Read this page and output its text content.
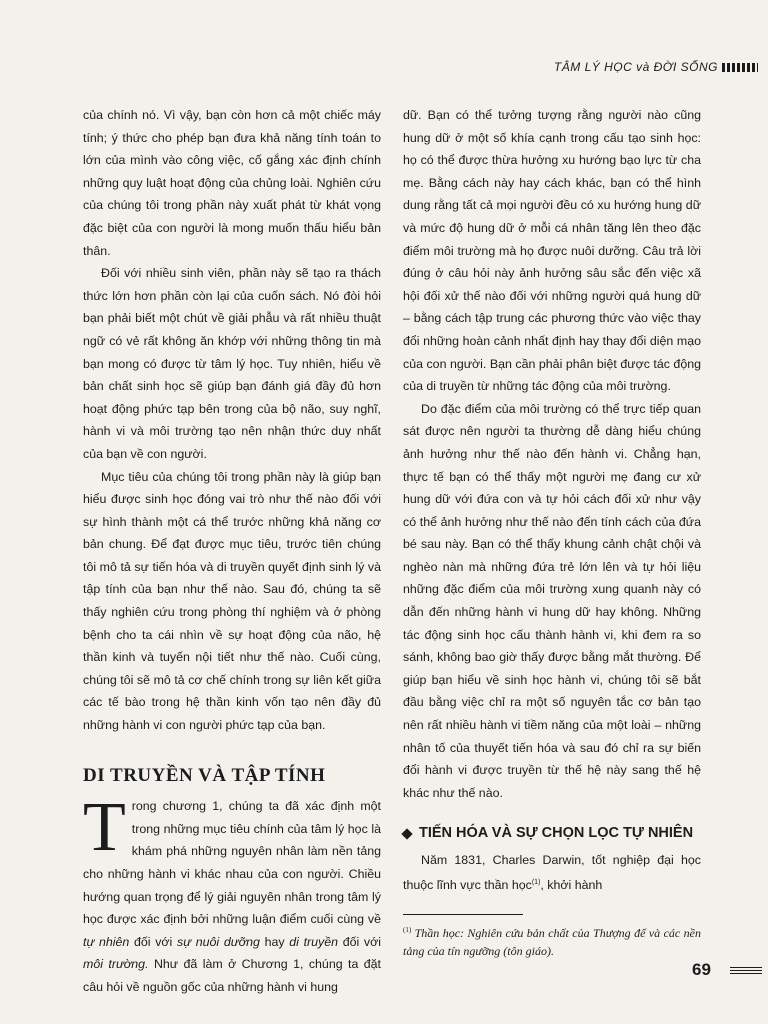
TÂM LÝ HỌC và ĐỜI SỐNG

của chính nó. Vì vậy, bạn còn hơn cả một chiếc máy tính; ý thức cho phép bạn đưa khả năng tính toán to lớn của mình vào công việc, cố gắng xác định chính những quy luật hoạt động của chủng loài. Nghiên cứu của chúng tôi trong phần này xuất phát từ khát vọng đặc biệt của con người là mong muốn thấu hiểu bản thân.

Đối với nhiều sinh viên, phần này sẽ tạo ra thách thức lớn hơn phần còn lại của cuốn sách. Nó đòi hỏi bạn phải biết một chút về giải phẫu và rất nhiều thuật ngữ có vẻ rất không ăn khớp với những thông tin mà bạn mong có được từ tâm lý học. Tuy nhiên, hiểu về bản chất sinh học sẽ giúp bạn đánh giá đầy đủ hơn hoạt động phức tạp bên trong của bộ não, suy nghĩ, hành vi và môi trường tạo nên nhận thức duy nhất của bạn về con người.

Mục tiêu của chúng tôi trong phần này là giúp bạn hiểu được sinh học đóng vai trò như thế nào đối với sự hình thành một cá thể trước những khả năng cơ bản chung. Để đạt được mục tiêu, trước tiên chúng tôi mô tả sự tiến hóa và di truyền quyết định sinh lý và tập tính của bạn như thế nào. Sau đó, chúng ta sẽ thấy nghiên cứu trong phòng thí nghiệm và ở phòng bệnh cho ta cái nhìn về sự hoạt động của não, hệ thần kinh và tuyến nội tiết như thế nào. Cuối cùng, chúng tôi sẽ mô tả cơ chế chính trong sự liên kết giữa các tế bào trong hệ thần kinh vốn tạo nên đầy đủ những hành vi con người phức tạp của bạn.

DI TRUYỀN VÀ TẬP TÍNH

Trong chương 1, chúng ta đã xác định một trong những mục tiêu chính của tâm lý học là khám phá những nguyên nhân làm nền tảng cho những hành vi khác nhau của con người. Chiều hướng quan trọng để lý giải nguyên nhân trong tâm lý học được xác định bởi những luận điểm cuối cùng về tự nhiên đối với sự nuôi dưỡng hay di truyền đối với môi trường. Như đã làm ở Chương 1, chúng ta đặt câu hỏi về nguồn gốc của những hành vi hung

dữ. Bạn có thể tưởng tượng rằng người nào cũng hung dữ ở một số khía cạnh trong cấu tạo sinh học: họ có thể được thừa hưởng xu hướng bạo lực từ cha mẹ. Bằng cách này hay cách khác, bạn có thể hình dung rằng tất cả mọi người đều có xu hướng hung dữ và mức độ hung dữ ở mỗi cá nhân tăng lên theo đặc điểm môi trường mà họ được nuôi dưỡng. Câu trả lời đúng ở câu hỏi này ảnh hưởng sâu sắc đến việc xã hội đối xử thế nào đối với những người quá hung dữ – bằng cách tập trung các phương thức vào việc thay đổi những hoàn cảnh nhất định hay thay đổi diện mạo của con người. Bạn cần phải phân biệt được tác động của di truyền từ những tác động của môi trường.

Do đặc điểm của môi trường có thể trực tiếp quan sát được nên người ta thường dễ dàng hiểu chúng ảnh hưởng như thế nào đến hành vi. Chẳng hạn, thực tế bạn có thể thấy một người mẹ đang cư xử hung dữ với đứa con và tự hỏi cách đối xử như vậy có thể ảnh hưởng như thế nào đến tính cách của đứa bé sau này. Bạn có thể thấy khung cảnh chật chội và nghèo nàn mà những đứa trẻ lớn lên và tự hỏi liệu những đặc điểm của môi trường xung quanh này có dẫn đến những hành vi hung dữ hay không. Những tác động sinh học cấu thành hành vi, khi đem ra so sánh, không bao giờ thấy được bằng mắt thường. Để giúp bạn hiểu về sinh học hành vi, chúng tôi sẽ bắt đầu bằng việc chỉ ra một số nguyên tắc cơ bản tạo nên rất nhiều hành vi tiềm năng của một loài – những nhân tố của thuyết tiến hóa và sau đó chỉ ra sự biến đổi hành vi được truyền từ thế hệ này sang thế hệ khác như thế nào.

TIẾN HÓA VÀ SỰ CHỌN LỌC TỰ NHIÊN

Năm 1831, Charles Darwin, tốt nghiệp đại học thuộc lĩnh vực thần học$^{(1)}$, khởi hành

$^{(1)}$ Thần học: Nghiên cứu bản chất của Thượng đế và các nền tảng của tín ngưỡng (tôn giáo).

69
